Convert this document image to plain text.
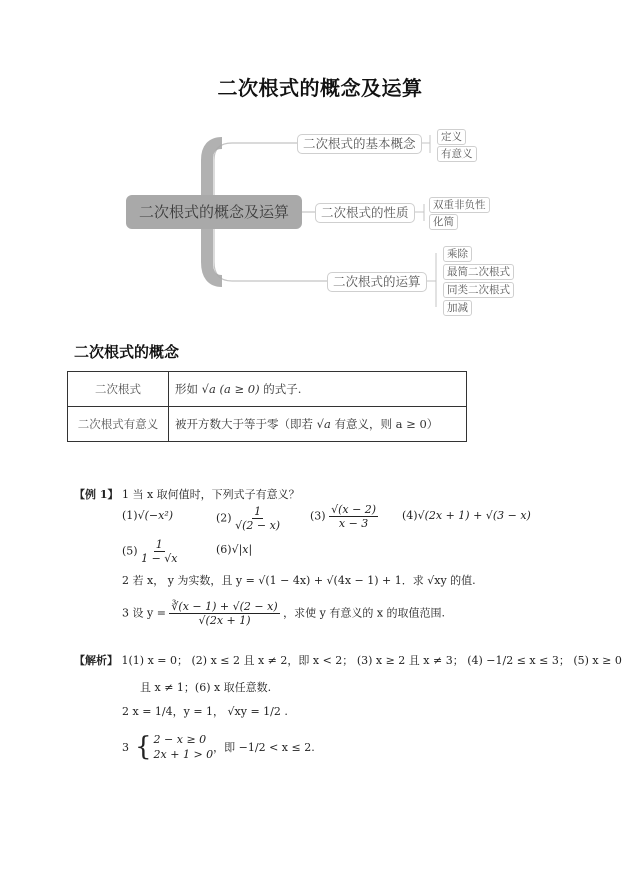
二次根式的概念及运算
二次根式的概念及运算
二次根式的基本概念	定义
有意义
二次根式的性质	双重非负性
化简
二次根式的运算
乘除
最简二次根式
同类二次根式
加减
二次根式的概念
二次根式	形如 √a (a ≥ 0) 的式子.
二次根式有意义	被开方数大于等于零（即若 √a 有意义，则 a ≥ 0）
【例 1】 1 当 x 取何值时，下列式子有意义？
(1)√(−x²)	$(2) \frac{1}{√(2 - x)}$	$(3) \frac{√(x - 2)}{x - 3} (4)√(2x + 1) + √(3 - x)$
$(5) \frac{1}{1 - √x}$	(6)√|x|
2 若 x， y 为实数，且 y = √(1 − 4x) + √(4x − 1) + 1．求 √xy 的值.
3 设 $y = \frac{∛(x - 1) + √(2 - x)}{√(2x + 1)}$ ，求使 y 有意义的 x 的取值范围.
【解析】 1(1) x = 0； (2) x ≤ 2 且 x ≠ 2，即 x < 2； (3) x ≥ 2 且 x ≠ 3； (4) −1/2 ≤ x ≤ 3； (5) x ≥ 0
且 x ≠ 1；(6) x 取任意数.
2 x = 1/4，y = 1， √xy = 1/2 .
3 { 2 − x ≥ 0
2x + 1 > 0
，即 −1/2 < x ≤ 2.
